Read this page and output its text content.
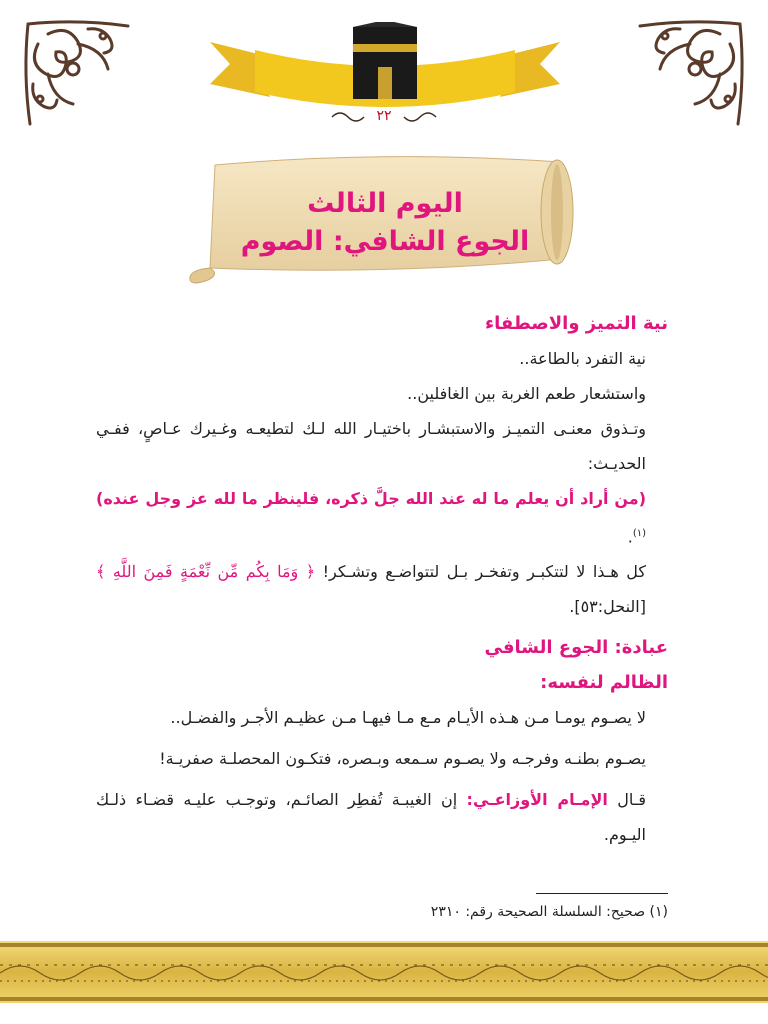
٢٢
اليوم الثالث
الجوع الشافي: الصوم

نية التميز والاصطفاء

نية التفرد بالطاعة..

واستشعار طعم الغربة بين الغافلين..

وتـذوق معنـى التميـز والاستبشـار باختيـار الله لـك لتطيعـه وغـيرك عـاصٍ، ففـي الحديـث:

(من أراد أن يعلم ما له عند الله جلَّ ذكره، فلينظر ما لله عز وجل عنده)$^{(١)}$.

كل هـذا لا لتتكبـر وتفخـر بـل لتتواضـع وتشـكر! ﴿ وَمَا بِكُم مِّن نِّعْمَةٍ فَمِنَ اللَّهِ ﴾ [النحل:٥٣].

عبادة: الجوع الشافي

الظالم لنفسه:

لا يصـوم يومـا مـن هـذه الأيـام مـع مـا فيهـا مـن عظيـم الأجـر والفضـل..

يصـوم بطنـه وفرجـه ولا يصـوم سـمعه وبـصره، فتكـون المحصلـة صفريـة!

قـال الإمـام الأوزاعـي: إن الغيبـة تُفطِر الصائـم، وتوجـب عليـه قضـاء ذلـك اليـوم.

(١) صحيح: السلسلة الصحيحة رقم: ٢٣١٠
